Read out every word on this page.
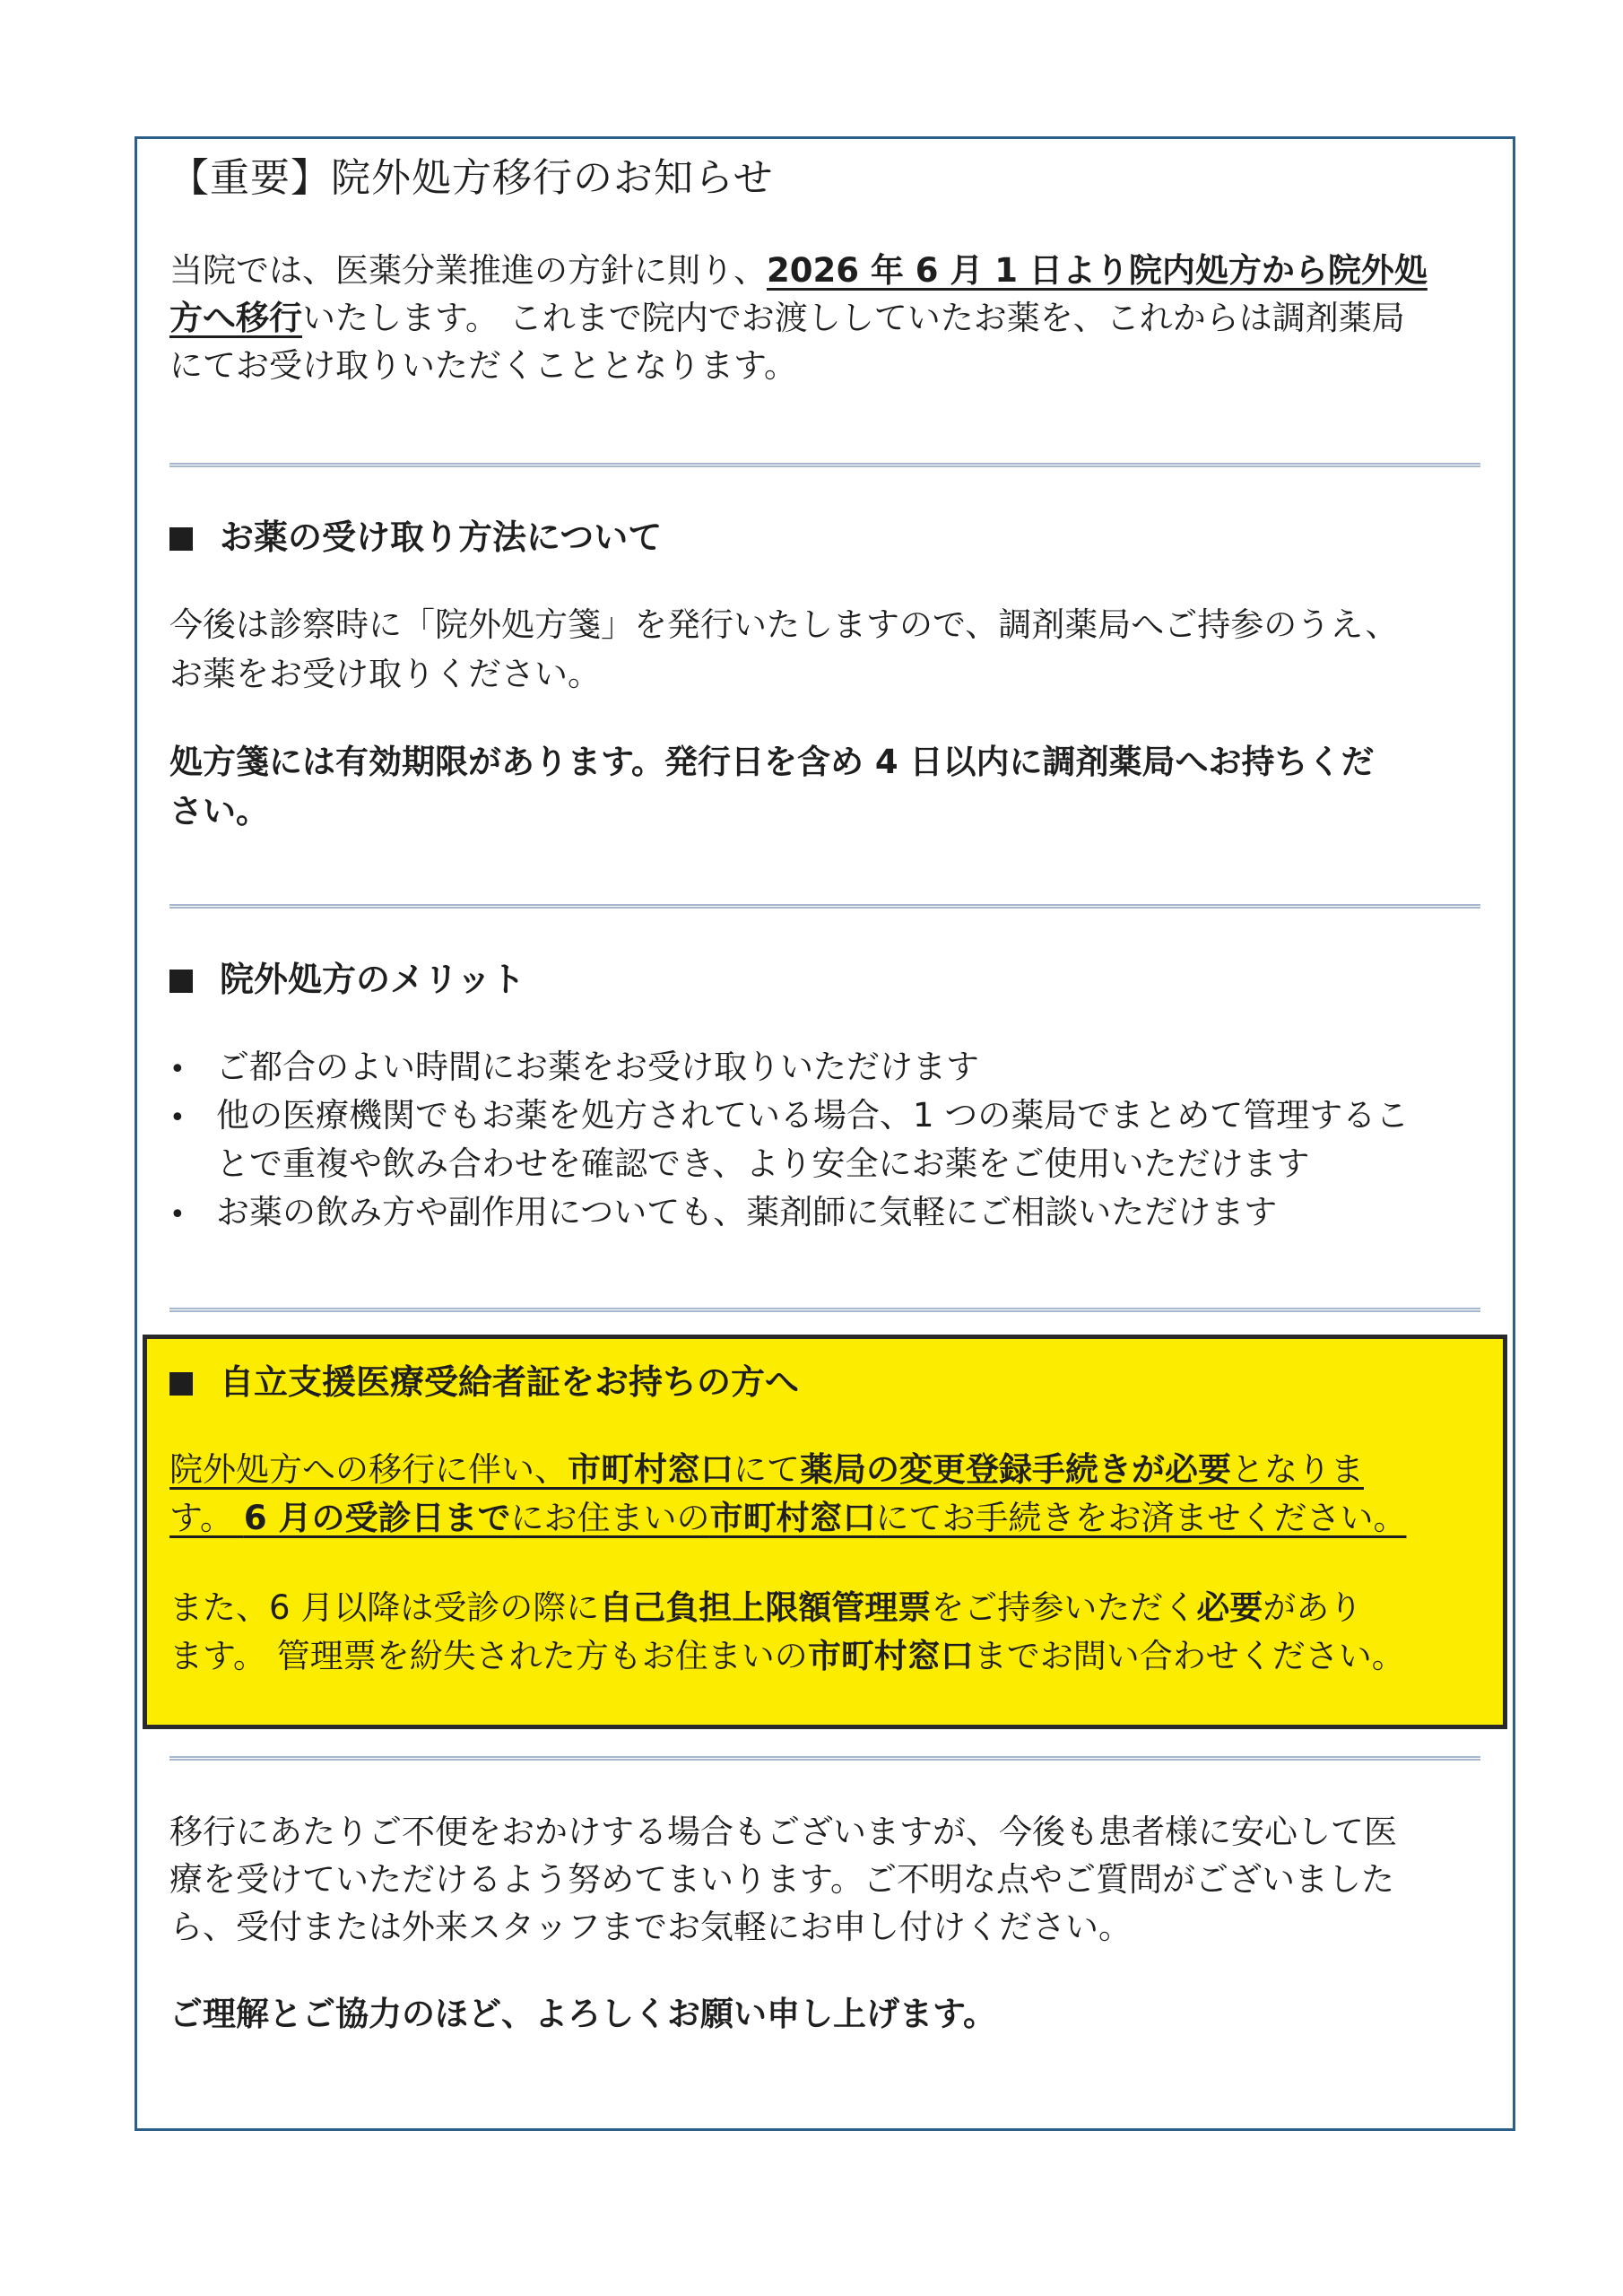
【重要】院外処方移行のお知らせ
当院では、医薬分業推進の方針に則り、2026 年 6 月 1 日より院内処方から院外処
方へ移行いたします。 これまで院内でお渡ししていたお薬を、これからは調剤薬局
にてお受け取りいただくこととなります。
お薬の受け取り方法について
今後は診察時に「院外処方箋」を発行いたしますので、調剤薬局へご持参のうえ、
お薬をお受け取りください。
処方箋には有効期限があります。発行日を含め 4 日以内に調剤薬局へお持ちくだ
さい。
院外処方のメリット
• ご都合のよい時間にお薬をお受け取りいただけます
• 他の医療機関でもお薬を処方されている場合、1 つの薬局でまとめて管理するこ
とで重複や飲み合わせを確認でき、より安全にお薬をご使用いただけます
• お薬の飲み方や副作用についても、薬剤師に気軽にご相談いただけます
自立支援医療受給者証をお持ちの方へ
院外処方への移行に伴い、市町村窓口にて薬局の変更登録手続きが必要となりま
す。 6 月の受診日までにお住まいの市町村窓口にてお手続きをお済ませください。
また、6 月以降は受診の際に自己負担上限額管理票をご持参いただく必要があり
ます。 管理票を紛失された方もお住まいの市町村窓口までお問い合わせください。
移行にあたりご不便をおかけする場合もございますが、今後も患者様に安心して医
療を受けていただけるよう努めてまいります。ご不明な点やご質問がございました
ら、受付または外来スタッフまでお気軽にお申し付けください。
ご理解とご協力のほど、よろしくお願い申し上げます。
